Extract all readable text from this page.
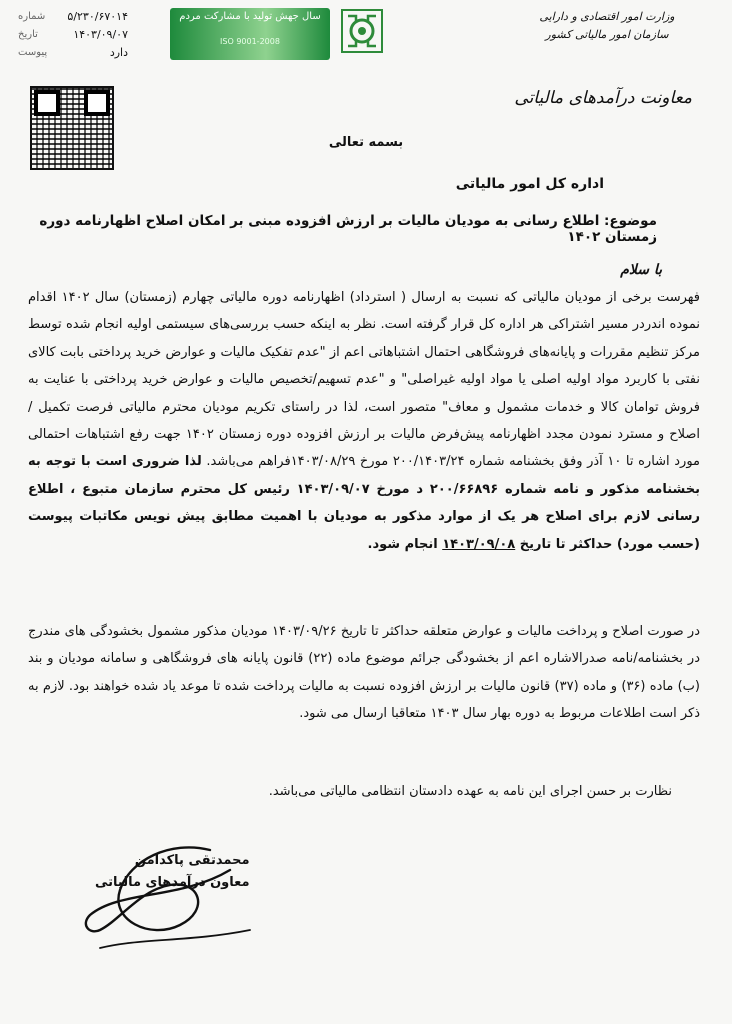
وزارت امور اقتصادی و دارایی
سازمان امور مالیاتی کشور
سال جهش تولید با مشارکت مردم
ISO 9001-2008
۵/۲۳۰/۶۷۰۱۴
شماره
۱۴۰۳/۰۹/۰۷
تاریخ
دارد
پیوست
معاونت درآمدهای مالیاتی
بسمه تعالی
اداره کل امور مالیاتی
موضوع: اطلاع رسانی به مودیان مالیات بر ارزش افزوده مبنی بر امکان اصلاح اظهارنامه دوره زمستان ۱۴۰۲
با سلام
فهرست برخی از مودیان مالیاتی که نسبت به ارسال ( استرداد) اظهارنامه دوره مالیاتی چهارم (زمستان) سال ۱۴۰۲ اقدام نموده اندردر مسیر اشتراکی هر اداره کل قرار گرفته است. نظر به اینکه حسب بررسی‌های سیستمی اولیه انجام شده توسط مرکز تنظیم مقررات و پایانه‌های فروشگاهی احتمال اشتباهاتی اعم از "عدم تفکیک مالیات و عوارض خرید پرداختی بابت کالای نفتی با کاربرد مواد اولیه اصلی یا مواد اولیه غیراصلی" و "عدم تسهیم/تخصیص مالیات و عوارض خرید پرداختی با عنایت به فروش توامان کالا و خدمات مشمول و معاف" متصور است، لذا در راستای تکریم مودیان محترم مالیاتی فرصت تکمیل / اصلاح و مسترد نمودن مجدد اظهارنامه پیش‌فرض مالیات بر ارزش افزوده دوره زمستان ۱۴۰۲ جهت رفع اشتباهات احتمالی مورد اشاره تا ۱۰ آذر وفق بخشنامه شماره ۲۰۰/۱۴۰۳/۲۴ مورخ ۱۴۰۳/۰۸/۲۹فراهم می‌باشد. لذا ضروری است با توجه به بخشنامه مذکور و نامه شماره ۲۰۰/۶۶۸۹۶ د مورخ ۱۴۰۳/۰۹/۰۷ رئیس کل محترم سازمان متبوع ، اطلاع رسانی لازم برای اصلاح هر یک از موارد مذکور به مودیان با اهمیت مطابق پیش نویس مکاتبات پیوست (حسب مورد) حداکثر تا تاریخ ۱۴۰۳/۰۹/۰۸ انجام شود.
در صورت اصلاح و پرداخت مالیات و عوارض متعلقه حداکثر تا تاریخ ۱۴۰۳/۰۹/۲۶ مودیان مذکور مشمول بخشودگی های مندرج در بخشنامه/نامه صدرالاشاره اعم از بخشودگی جرائم موضوع ماده (۲۲) قانون پایانه های فروشگاهی و سامانه مودیان و بند (ب) ماده (۳۶) و ماده (۳۷) قانون مالیات بر ارزش افزوده نسبت به مالیات پرداخت شده تا موعد یاد شده خواهند بود. لازم به ذکر است اطلاعات مربوط به دوره بهار سال ۱۴۰۳ متعاقبا ارسال می شود.
نظارت بر حسن اجرای این نامه به عهده دادستان انتظامی مالیاتی می‌باشد.
محمدتقی پاکدامن
معاون درآمدهای مالیاتی
